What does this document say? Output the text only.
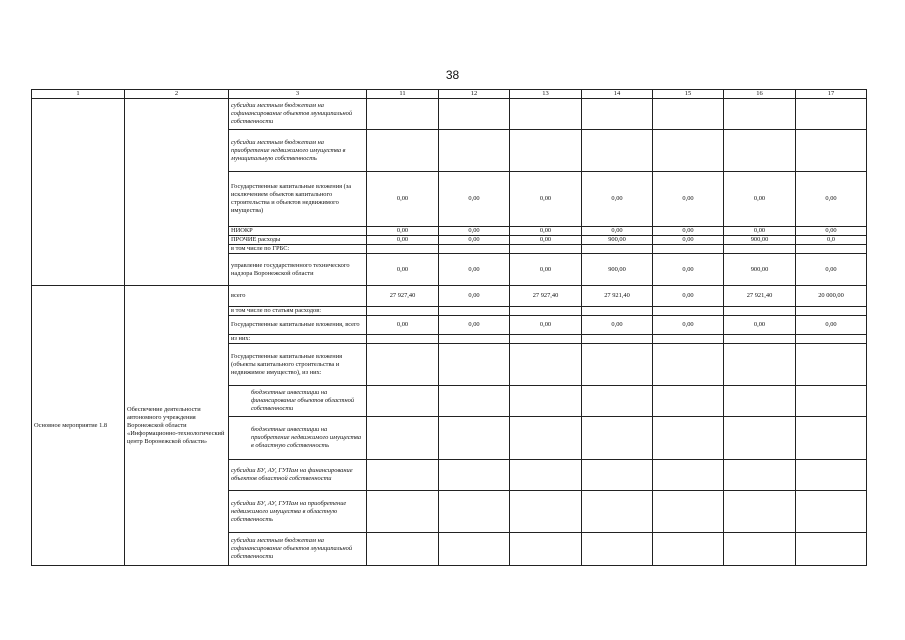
38
1	2	3	11	12	13	14	15	16	17
		субсидии местным бюджетам на софинансирование объектов муниципальной собственности							
		субсидии местным бюджетам на приобретение недвижимого имущества в муниципальную собственность							
		Государственные капитальные вложения (за исключением объектов капитального строительства и объектов недвижимого имущества)	0,00	0,00	0,00	0,00	0,00	0,00	0,00
		НИОКР	0,00	0,00	0,00	0,00	0,00	0,00	0,00
		ПРОЧИЕ расходы	0,00	0,00	0,00	900,00	0,00	900,00	0,0
		в том числе по ГРБС:							
		управление государственного технического надзора Воронежской области	0,00	0,00	0,00	900,00	0,00	900,00	0,00
Основное мероприятие 1.8	Обеспечение деятельности автономного учреждения Воронежской области «Информационно-технологический центр Воронежской области»	всего	27 927,40	0,00	27 927,40	27 921,40	0,00	27 921,40	20 000,00
		в том числе по статьям расходов:							
		Государственные капитальные вложения, всего	0,00	0,00	0,00	0,00	0,00	0,00	0,00
		из них:							
		Государственные капитальные вложения (объекты капитального строительства и недвижимое имущество), из них:							
		бюджетные инвестиции на финансирование объектов областной собственности							
		бюджетные инвестиции на приобретение недвижимого имущества в областную собственность							
		субсидии БУ, АУ, ГУПам на финансирование объектов областной собственности							
		субсидии БУ, АУ, ГУПам на приобретение недвижимого имущества в областную собственность							
		субсидии местным бюджетам на софинансирование объектов муниципальной собственности							
